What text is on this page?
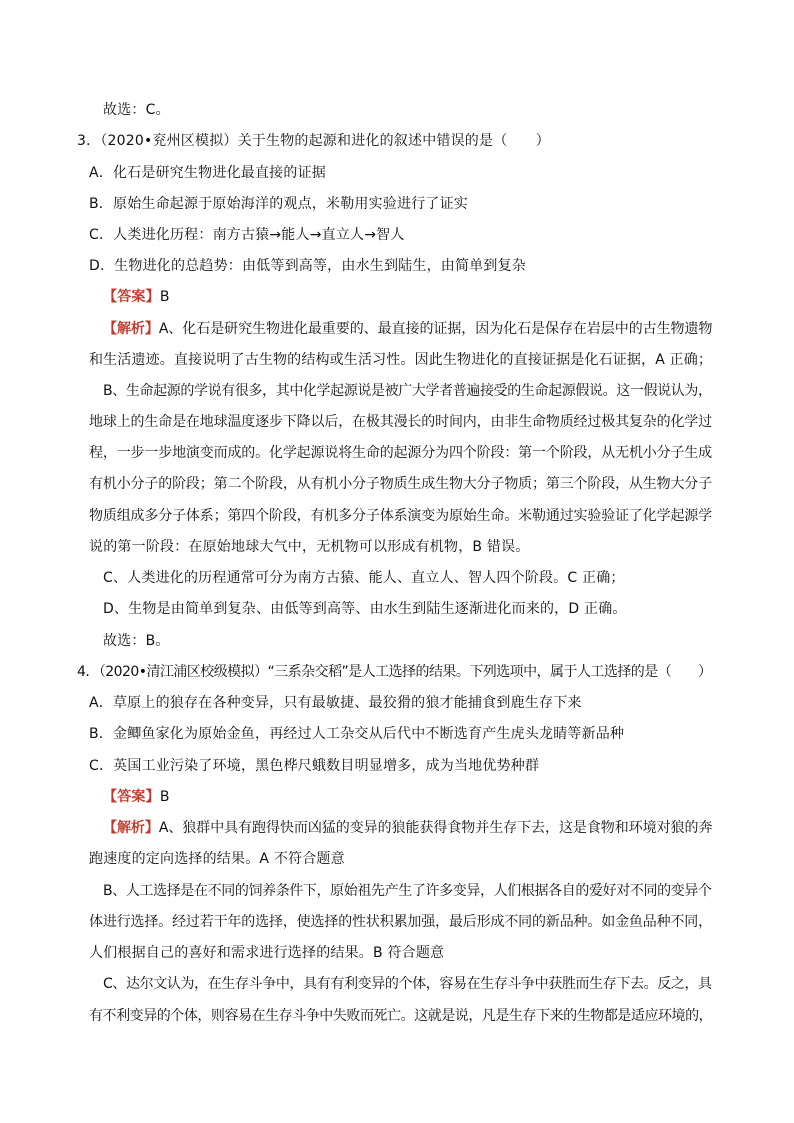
故选：C。
3．（2020•兖州区模拟）关于生物的起源和进化的叙述中错误的是（　　）
A．化石是研究生物进化最直接的证据
B．原始生命起源于原始海洋的观点，米勒用实验进行了证实
C．人类进化历程：南方古猿→能人→直立人→智人
D．生物进化的总趋势：由低等到高等，由水生到陆生，由简单到复杂
【答案】B
【解析】A、化石是研究生物进化最重要的、最直接的证据，因为化石是保存在岩层中的古生物遗物
和生活遗迹。直接说明了古生物的结构或生活习性。因此生物进化的直接证据是化石证据，A 正确；
B、生命起源的学说有很多，其中化学起源说是被广大学者普遍接受的生命起源假说。这一假说认为，
地球上的生命是在地球温度逐步下降以后，在极其漫长的时间内，由非生命物质经过极其复杂的化学过
程，一步一步地演变而成的。化学起源说将生命的起源分为四个阶段：第一个阶段，从无机小分子生成
有机小分子的阶段；第二个阶段，从有机小分子物质生成生物大分子物质；第三个阶段，从生物大分子
物质组成多分子体系；第四个阶段，有机多分子体系演变为原始生命。米勒通过实验验证了化学起源学
说的第一阶段：在原始地球大气中，无机物可以形成有机物，B 错误。
C、人类进化的历程通常可分为南方古猿、能人、直立人、智人四个阶段。C 正确；
D、生物是由简单到复杂、由低等到高等、由水生到陆生逐渐进化而来的，D 正确。
故选：B。
4．（2020•清江浦区校级模拟）“三系杂交稻”是人工选择的结果。下列选项中，属于人工选择的是（　　）
A．草原上的狼存在各种变异，只有最敏捷、最狡猾的狼才能捕食到鹿生存下来
B．金鲫鱼家化为原始金鱼，再经过人工杂交从后代中不断选育产生虎头龙睛等新品种
C．英国工业污染了环境，黑色桦尺蛾数目明显增多，成为当地优势种群
【答案】B
【解析】A、狼群中具有跑得快而凶猛的变异的狼能获得食物并生存下去，这是食物和环境对狼的奔
跑速度的定向选择的结果。A 不符合题意
B、人工选择是在不同的饲养条件下，原始祖先产生了许多变异，人们根据各自的爱好对不同的变异个
体进行选择。经过若干年的选择，使选择的性状积累加强，最后形成不同的新品种。如金鱼品种不同，
人们根据自己的喜好和需求进行选择的结果。B 符合题意
C、达尔文认为，在生存斗争中，具有有利变异的个体，容易在生存斗争中获胜而生存下去。反之，具
有不利变异的个体，则容易在生存斗争中失败而死亡。这就是说，凡是生存下来的生物都是适应环境的，
